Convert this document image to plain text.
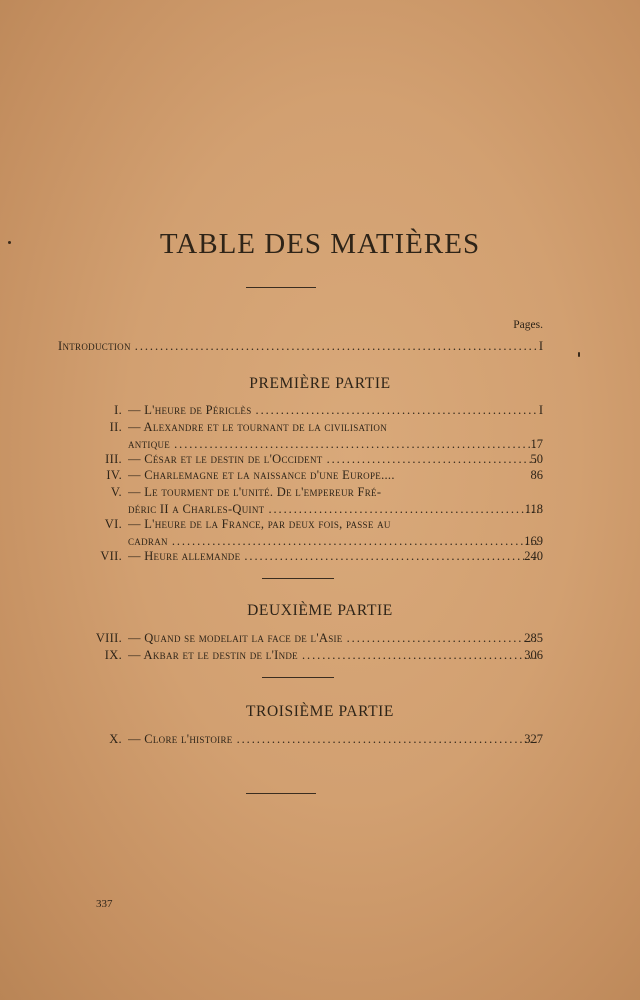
TABLE DES MATIÈRES
Pages.
Introduction . . .	I
PREMIÈRE PARTIE
I. — L'heure de Périclès . . .	I
II. — Alexandre et le tournant de la civilisation
antique . . .	17
III. — César et le destin de l'Occident . . .	50
IV. — Charlemagne et la naissance d'une Europe....	86
V. — Le tourment de l'unité. De l'empereur Fré-
déric II a Charles-Quint . . .	118
VI. — L'heure de la France, par deux fois, passe au
cadran . . .	169
VII. — Heure allemande . . .	240
DEUXIÈME PARTIE
VIII. — Quand se modelait la face de l'Asie . . .	285
IX. — Akbar et le destin de l'Inde . . .	306
TROISIÈME PARTIE
X. — Clore l'histoire . . .	327
337
